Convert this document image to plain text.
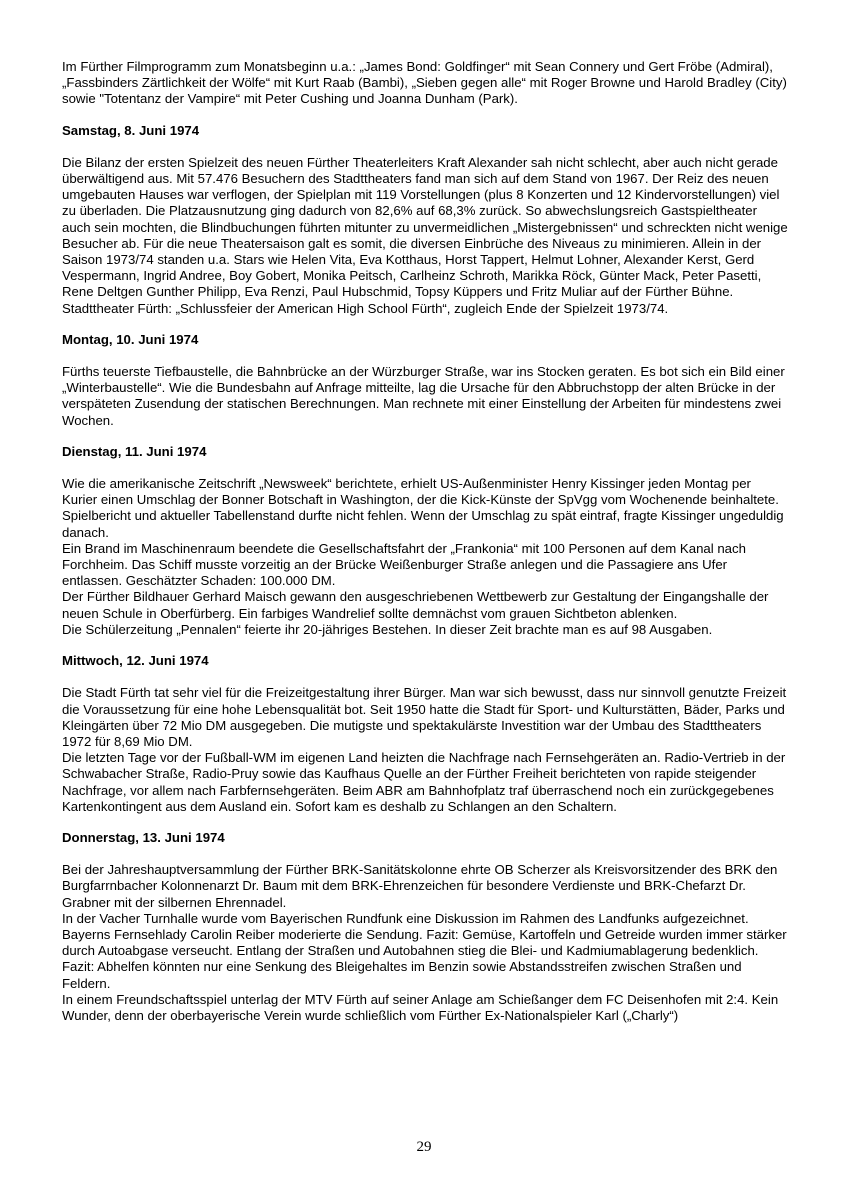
Im Fürther Filmprogramm zum Monatsbeginn u.a.: „James Bond: Goldfinger“ mit Sean Connery und Gert Fröbe (Admiral), „Fassbinders Zärtlichkeit der Wölfe“ mit Kurt Raab (Bambi), „Sieben gegen alle“ mit Roger Browne und Harold Bradley (City) sowie "Totentanz der Vampire“ mit Peter Cushing und Joanna Dunham (Park).

Samstag, 8. Juni 1974

Die Bilanz der ersten Spielzeit des neuen Fürther Theaterleiters Kraft Alexander sah nicht schlecht, aber auch nicht gerade überwältigend aus. Mit 57.476 Besuchern des Stadttheaters fand man sich auf dem Stand von 1967. Der Reiz des neuen umgebauten Hauses war verflogen, der Spielplan mit 119 Vorstellungen (plus 8 Konzerten und 12 Kindervorstellungen) viel zu überladen. Die Platzausnutzung ging dadurch von 82,6% auf 68,3% zurück. So abwechslungsreich Gastspieltheater auch sein mochten, die Blindbuchungen führten mitunter zu unvermeidlichen „Mistergebnissen“ und schreckten nicht wenige Besucher ab. Für die neue Theatersaison galt es somit, die diversen Einbrüche des Niveaus zu minimieren. Allein in der Saison 1973/74 standen u.a. Stars wie Helen Vita, Eva Kotthaus, Horst Tappert, Helmut Lohner, Alexander Kerst, Gerd Vespermann, Ingrid Andree, Boy Gobert, Monika Peitsch, Carlheinz Schroth, Marikka Röck, Günter Mack, Peter Pasetti, Rene Deltgen Gunther Philipp, Eva Renzi, Paul Hubschmid, Topsy Küppers und Fritz Muliar auf der Fürther Bühne.

Stadttheater Fürth: „Schlussfeier der American High School Fürth“, zugleich Ende der Spielzeit 1973/74.

Montag, 10. Juni 1974

Fürths teuerste Tiefbaustelle, die Bahnbrücke an der Würzburger Straße, war ins Stocken geraten. Es bot sich ein Bild einer „Winterbaustelle“. Wie die Bundesbahn auf Anfrage mitteilte, lag die Ursache für den Abbruchstopp der alten Brücke in der verspäteten Zusendung der statischen Berechnungen. Man rechnete mit einer Einstellung der Arbeiten für mindestens zwei Wochen.

Dienstag, 11. Juni 1974

Wie die amerikanische Zeitschrift „Newsweek“ berichtete, erhielt US-Außenminister Henry Kissinger jeden Montag per Kurier einen Umschlag der Bonner Botschaft in Washington, der die Kick-Künste der SpVgg vom Wochenende beinhaltete. Spielbericht und aktueller Tabellenstand durfte nicht fehlen. Wenn der Umschlag zu spät eintraf, fragte Kissinger ungeduldig danach.

Ein Brand im Maschinenraum beendete die Gesellschaftsfahrt der „Frankonia“ mit 100 Personen auf dem Kanal nach Forchheim. Das Schiff musste vorzeitig an der Brücke Weißenburger Straße anlegen und die Passagiere ans Ufer entlassen. Geschätzter Schaden: 100.000 DM.

Der Fürther Bildhauer Gerhard Maisch gewann den ausgeschriebenen Wettbewerb zur Gestaltung der Eingangshalle der neuen Schule in Oberfürberg. Ein farbiges Wandrelief sollte demnächst vom grauen Sichtbeton ablenken.

Die Schülerzeitung „Pennalen“ feierte ihr 20-jähriges Bestehen. In dieser Zeit brachte man es auf 98 Ausgaben.

Mittwoch, 12. Juni 1974

Die Stadt Fürth tat sehr viel für die Freizeitgestaltung ihrer Bürger. Man war sich bewusst, dass nur sinnvoll genutzte Freizeit die Voraussetzung für eine hohe Lebensqualität bot. Seit 1950 hatte die Stadt für Sport- und Kulturstätten, Bäder, Parks und Kleingärten über 72 Mio DM ausgegeben. Die mutigste und spektakulärste Investition war der Umbau des Stadttheaters 1972 für 8,69 Mio DM.

Die letzten Tage vor der Fußball-WM im eigenen Land heizten die Nachfrage nach Fernsehgeräten an. Radio-Vertrieb in der Schwabacher Straße, Radio-Pruy sowie das Kaufhaus Quelle an der Fürther Freiheit berichteten von rapide steigender Nachfrage, vor allem nach Farbfernsehgeräten. Beim ABR am Bahnhofplatz traf überraschend noch ein zurückgegebenes Kartenkontingent aus dem Ausland ein. Sofort kam es deshalb zu Schlangen an den Schaltern.

Donnerstag, 13. Juni 1974

Bei der Jahreshauptversammlung der Fürther BRK-Sanitätskolonne ehrte OB Scherzer als Kreisvorsitzender des BRK den Burgfarrnbacher Kolonnenarzt Dr. Baum mit dem BRK-Ehrenzeichen für besondere Verdienste und BRK-Chefarzt Dr. Grabner mit der silbernen Ehrennadel.

In der Vacher Turnhalle wurde vom Bayerischen Rundfunk eine Diskussion im Rahmen des Landfunks aufgezeichnet. Bayerns Fernsehlady Carolin Reiber moderierte die Sendung. Fazit: Gemüse, Kartoffeln und Getreide wurden immer stärker durch Autoabgase verseucht. Entlang der Straßen und Autobahnen stieg die Blei- und Kadmiumablagerung bedenklich. Fazit: Abhelfen könnten nur eine Senkung des Bleigehaltes im Benzin sowie Abstandsstreifen zwischen Straßen und Feldern.

In einem Freundschaftsspiel unterlag der MTV Fürth auf seiner Anlage am Schießanger dem FC Deisenhofen mit 2:4. Kein Wunder, denn der oberbayerische Verein wurde schließlich vom Fürther Ex-Nationalspieler Karl („Charly“)

29
